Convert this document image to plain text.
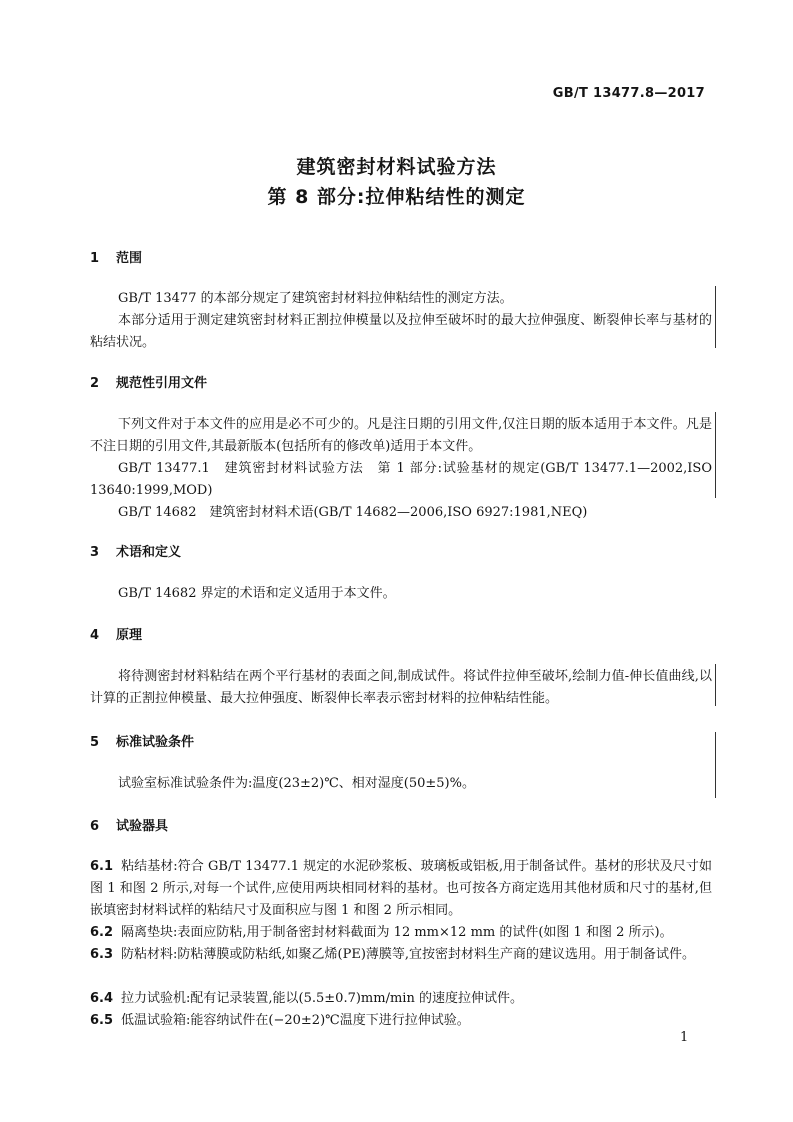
GB/T 13477.8—2017
建筑密封材料试验方法
第 8 部分:拉伸粘结性的测定
1 范围
GB/T 13477 的本部分规定了建筑密封材料拉伸粘结性的测定方法。
本部分适用于测定建筑密封材料正割拉伸模量以及拉伸至破坏时的最大拉伸强度、断裂伸长率与基材的粘结状况。
2 规范性引用文件
下列文件对于本文件的应用是必不可少的。凡是注日期的引用文件,仅注日期的版本适用于本文件。凡是不注日期的引用文件,其最新版本(包括所有的修改单)适用于本文件。
GB/T 13477.1　建筑密封材料试验方法　第 1 部分:试验基材的规定(GB/T 13477.1—2002,ISO 13640:1999,MOD)
GB/T 14682　建筑密封材料术语(GB/T 14682—2006,ISO 6927:1981,NEQ)
3 术语和定义
GB/T 14682 界定的术语和定义适用于本文件。
4 原理
将待测密封材料粘结在两个平行基材的表面之间,制成试件。将试件拉伸至破坏,绘制力值-伸长值曲线,以计算的正割拉伸模量、最大拉伸强度、断裂伸长率表示密封材料的拉伸粘结性能。
5 标准试验条件
试验室标准试验条件为:温度(23±2)℃、相对湿度(50±5)%。
6 试验器具
6.1 粘结基材:符合 GB/T 13477.1 规定的水泥砂浆板、玻璃板或铝板,用于制备试件。基材的形状及尺寸如图 1 和图 2 所示,对每一个试件,应使用两块相同材料的基材。也可按各方商定选用其他材质和尺寸的基材,但嵌填密封材料试样的粘结尺寸及面积应与图 1 和图 2 所示相同。
6.2 隔离垫块:表面应防粘,用于制备密封材料截面为 12 mm×12 mm 的试件(如图 1 和图 2 所示)。
6.3 防粘材料:防粘薄膜或防粘纸,如聚乙烯(PE)薄膜等,宜按密封材料生产商的建议选用。用于制备试件。
6.4 拉力试验机:配有记录装置,能以(5.5±0.7)mm/min 的速度拉伸试件。
6.5 低温试验箱:能容纳试件在(−20±2)℃温度下进行拉伸试验。
1
